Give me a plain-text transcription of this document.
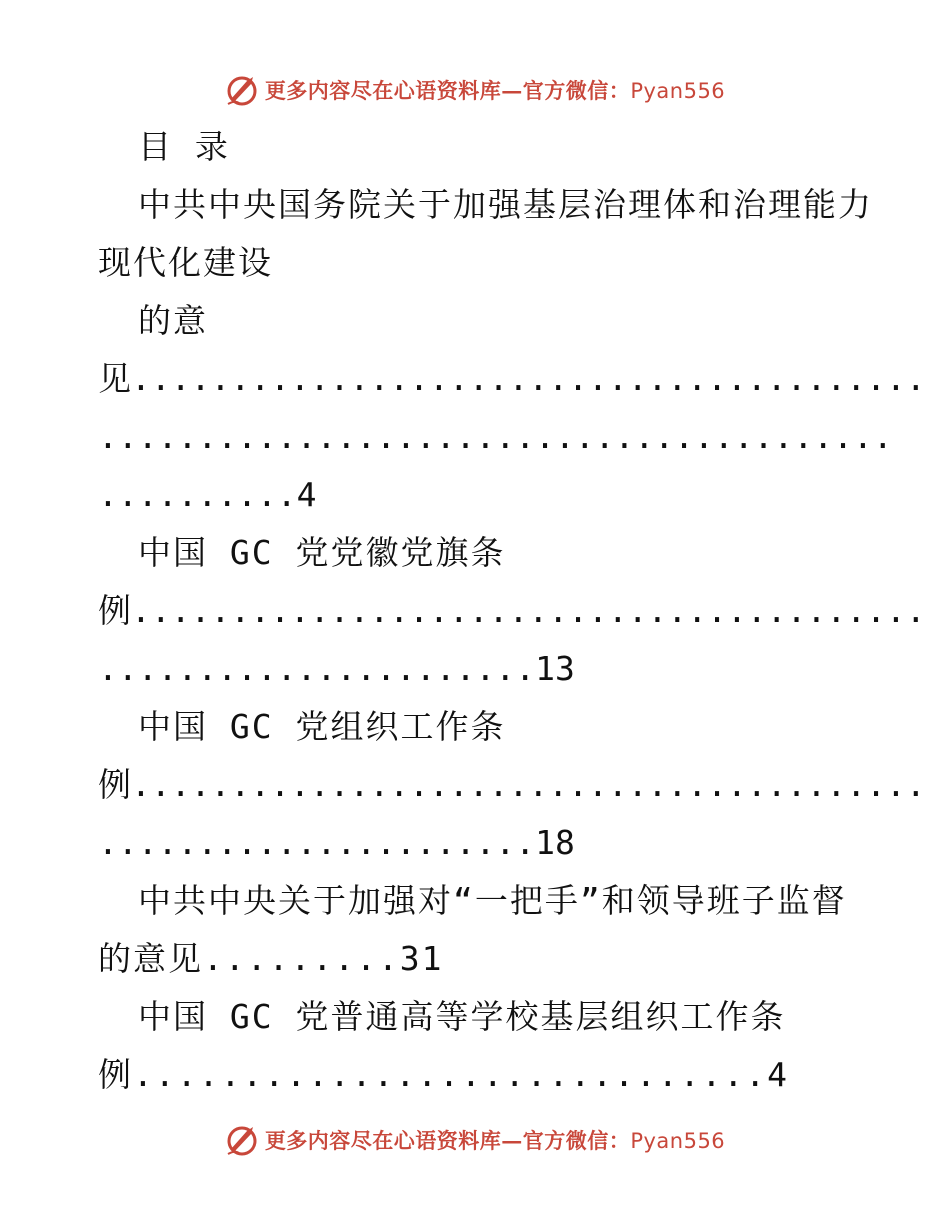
更多内容尽在心语资料库—官方微信：Pyan556
目 录
中共中央国务院关于加强基层治理体和治理能力
现代化建设
的意
见........................................
........................................
..........4
中国 GC 党党徽党旗条
例........................................
......................13
中国 GC 党组织工作条
例........................................
......................18
中共中央关于加强对“一把手”和领导班子监督
的意见.........31
中国 GC 党普通高等学校基层组织工作条
例.............................4
更多内容尽在心语资料库—官方微信：Pyan556
